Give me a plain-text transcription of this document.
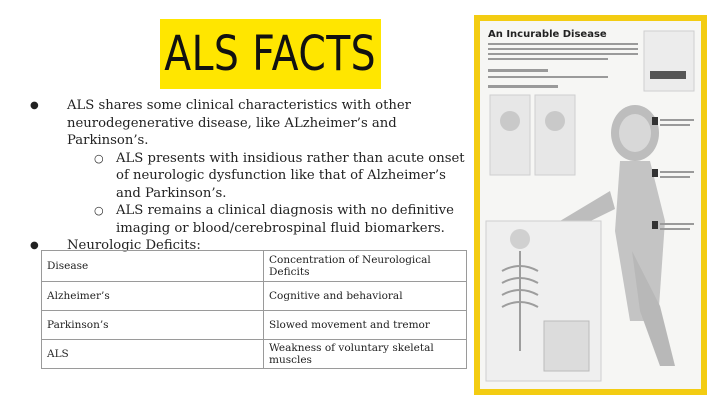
ALS FACTS
●	ALS shares some clinical characteristics with other neurodegenerative disease, like ALzheimer’s and Parkinson’s.
○ ALS presents with insidious rather than acute onset of neurologic dysfunction like that of Alzheimer’s and Parkinson’s.
○ ALS remains a clinical diagnosis with no definitive imaging or blood/cerebrospinal fluid biomarkers.
●	Neurologic Deficits:
Disease	Concentration of Neurological Deficits
Alzheimer’s	Cognitive and behavioral
Parkinson’s	Slowed movement and tremor
ALS	Weakness of voluntary skeletal muscles
An Incurable Disease
